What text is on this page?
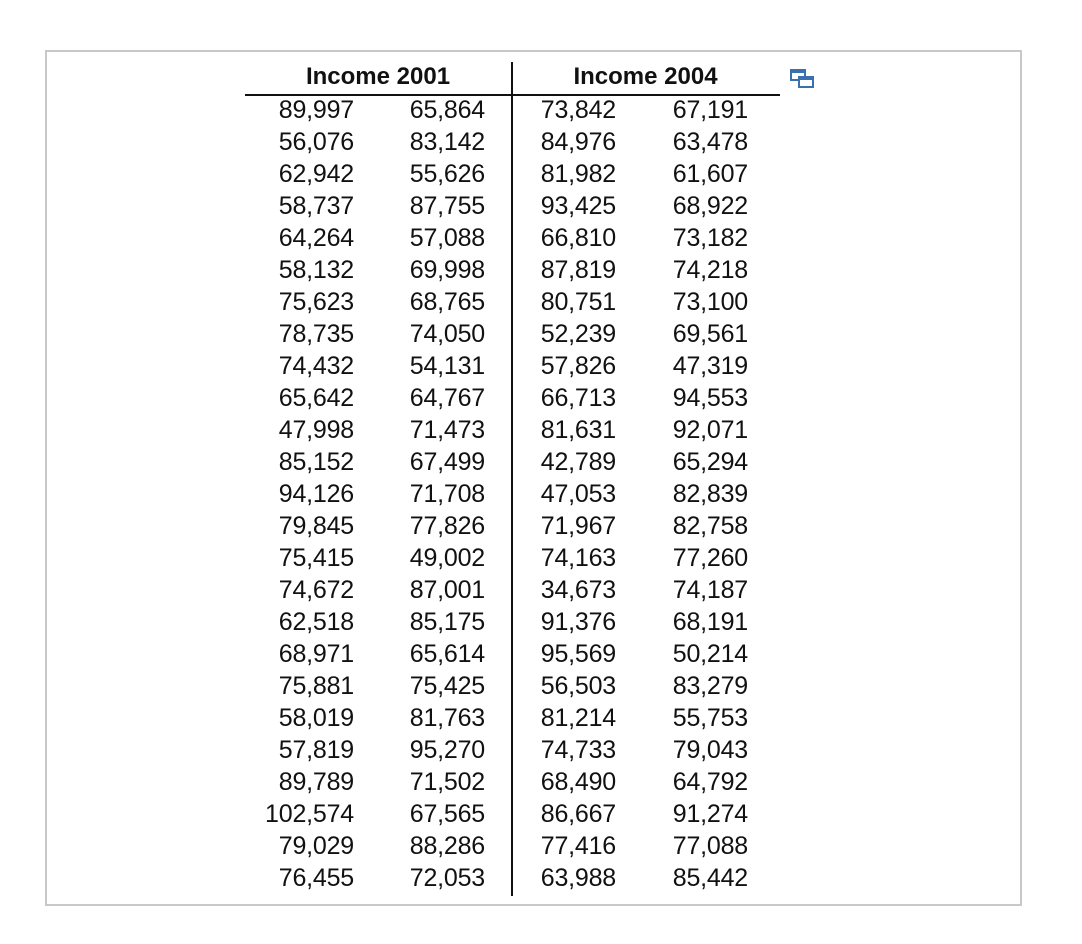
Income 2001	Income 2004
89,997	65,864	73,842	67,191
56,076	83,142	84,976	63,478
62,942	55,626	81,982	61,607
58,737	87,755	93,425	68,922
64,264	57,088	66,810	73,182
58,132	69,998	87,819	74,218
75,623	68,765	80,751	73,100
78,735	74,050	52,239	69,561
74,432	54,131	57,826	47,319
65,642	64,767	66,713	94,553
47,998	71,473	81,631	92,071
85,152	67,499	42,789	65,294
94,126	71,708	47,053	82,839
79,845	77,826	71,967	82,758
75,415	49,002	74,163	77,260
74,672	87,001	34,673	74,187
62,518	85,175	91,376	68,191
68,971	65,614	95,569	50,214
75,881	75,425	56,503	83,279
58,019	81,763	81,214	55,753
57,819	95,270	74,733	79,043
89,789	71,502	68,490	64,792
102,574	67,565	86,667	91,274
79,029	88,286	77,416	77,088
76,455	72,053	63,988	85,442
